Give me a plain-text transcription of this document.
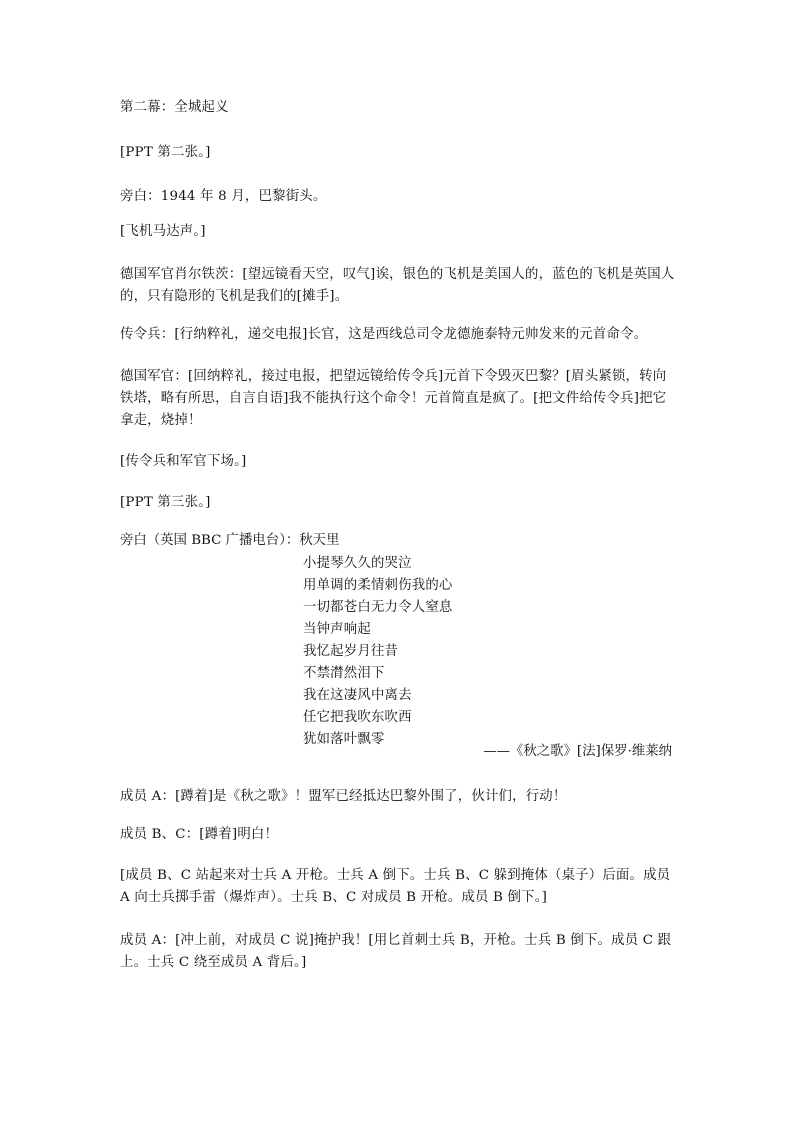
第二幕：全城起义

[PPT 第二张。]

旁白：1944 年 8 月，巴黎街头。

[飞机马达声。]

德国军官肖尔铁茨：[望远镜看天空，叹气]诶，银色的飞机是美国人的，蓝色的飞机是英国人的，只有隐形的飞机是我们的[摊手]。

传令兵：[行纳粹礼，递交电报]长官，这是西线总司令龙德施泰特元帅发来的元首命令。

德国军官：[回纳粹礼，接过电报，把望远镜给传令兵]元首下令毁灭巴黎？[眉头紧锁，转向铁塔，略有所思，自言自语]我不能执行这个命令！元首简直是疯了。[把文件给传令兵]把它拿走，烧掉！

[传令兵和军官下场。]

[PPT 第三张。]

旁白（英国 BBC 广播电台）：秋天里

小提琴久久的哭泣

用单调的柔情刺伤我的心

一切都苍白无力令人窒息

当钟声响起

我忆起岁月往昔

不禁潸然泪下

我在这凄风中离去

任它把我吹东吹西

犹如落叶飘零

——《秋之歌》[法]保罗·维莱纳

成员 A：[蹲着]是《秋之歌》！盟军已经抵达巴黎外围了，伙计们，行动！

成员 B、C：[蹲着]明白！

[成员 B、C 站起来对士兵 A 开枪。士兵 A 倒下。士兵 B、C 躲到掩体（桌子）后面。成员 A 向士兵掷手雷（爆炸声）。士兵 B、C 对成员 B 开枪。成员 B 倒下。]

成员 A：[冲上前，对成员 C 说]掩护我！[用匕首刺士兵 B，开枪。士兵 B 倒下。成员 C 跟上。士兵 C 绕至成员 A 背后。]
